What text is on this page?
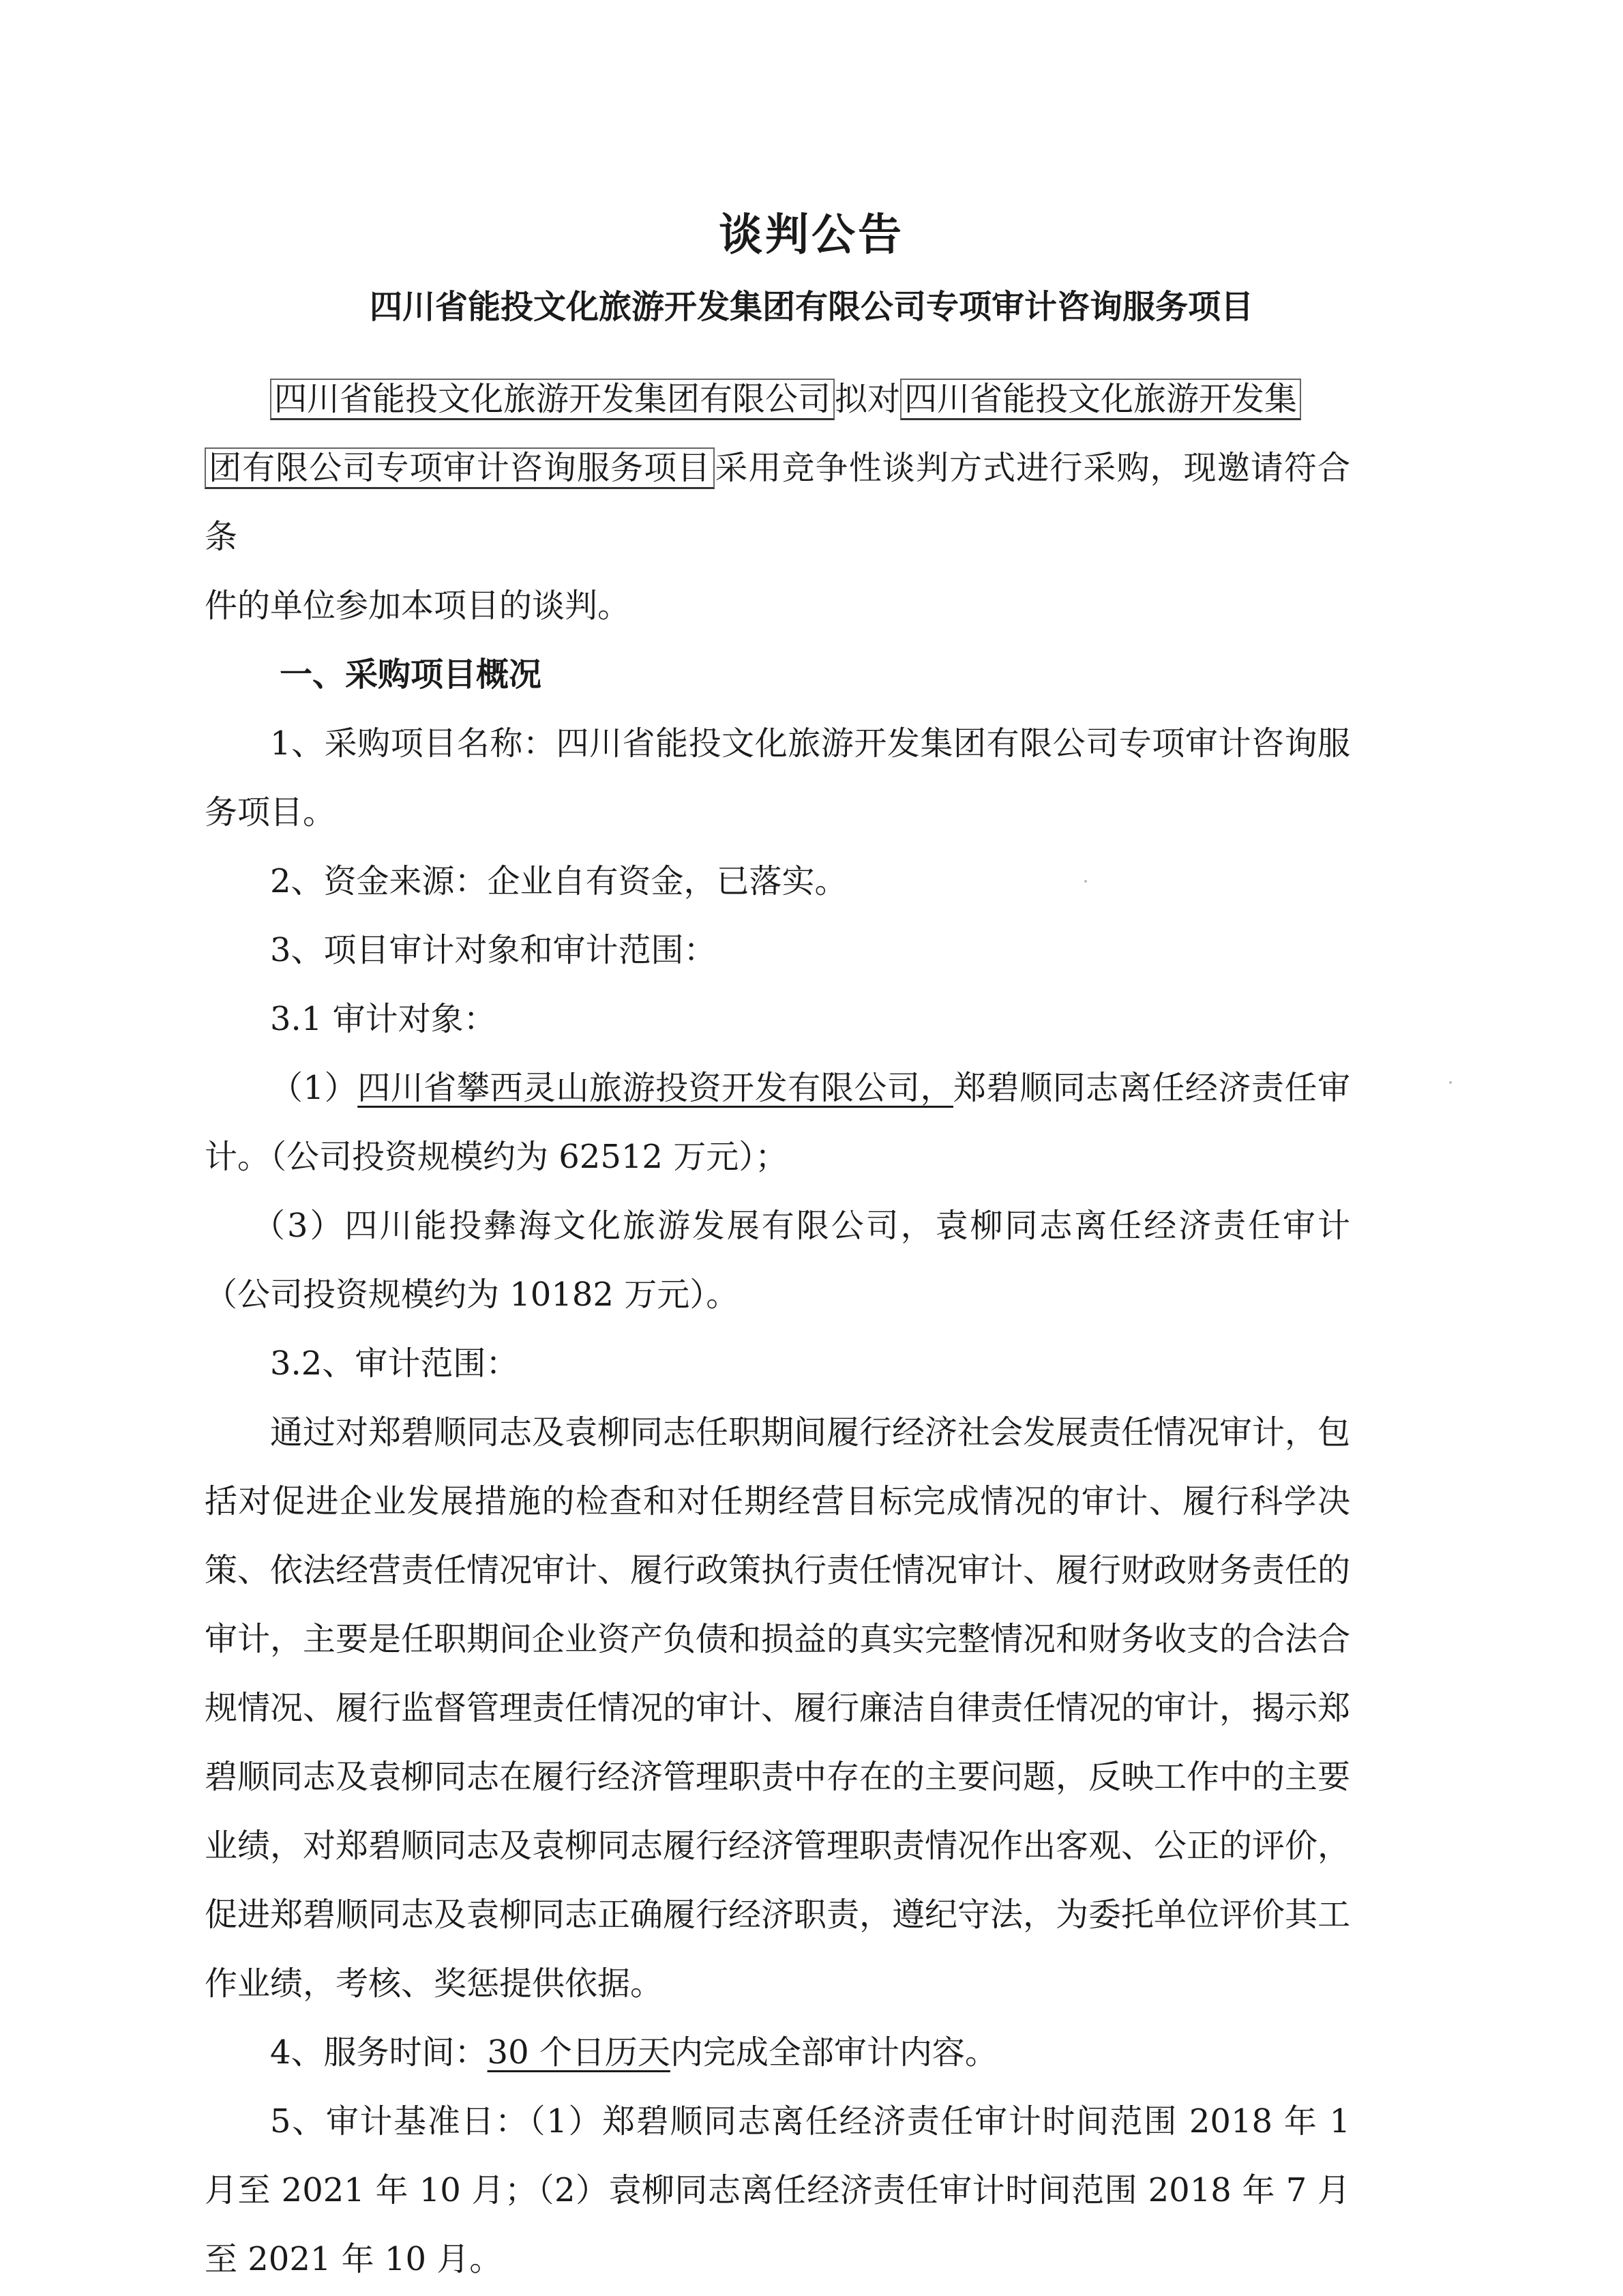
谈判公告
四川省能投文化旅游开发集团有限公司专项审计咨询服务项目

四川省能投文化旅游开发集团有限公司 拟对 四川省能投文化旅游开发集
团有限公司专项审计咨询服务项目 采用竞争性谈判方式进行采购，现邀请符合条
件的单位参加本项目的谈判。

一、采购项目概况

1、采购项目名称：四川省能投文化旅游开发集团有限公司专项审计咨询服务项目。

2、资金来源：企业自有资金，已落实。

3、项目审计对象和审计范围：

3.1 审计对象：

（1）四川省攀西灵山旅游投资开发有限公司，郑碧顺同志离任经济责任审计。（公司投资规模约为 62512 万元）；

（3）四川能投彝海文化旅游发展有限公司，袁柳同志离任经济责任审计（公司投资规模约为 10182 万元）。

3.2、审计范围：

通过对郑碧顺同志及袁柳同志任职期间履行经济社会发展责任情况审计，包括对促进企业发展措施的检查和对任期经营目标完成情况的审计、履行科学决策、依法经营责任情况审计、履行政策执行责任情况审计、履行财政财务责任的审计，主要是任职期间企业资产负债和损益的真实完整情况和财务收支的合法合规情况、履行监督管理责任情况的审计、履行廉洁自律责任情况的审计，揭示郑碧顺同志及袁柳同志在履行经济管理职责中存在的主要问题，反映工作中的主要业绩，对郑碧顺同志及袁柳同志履行经济管理职责情况作出客观、公正的评价，促进郑碧顺同志及袁柳同志正确履行经济职责，遵纪守法，为委托单位评价其工作业绩，考核、奖惩提供依据。

4、服务时间：30 个日历天内完成全部审计内容。

5、审计基准日：（1）郑碧顺同志离任经济责任审计时间范围 2018 年 1 月至 2021 年 10 月；（2）袁柳同志离任经济责任审计时间范围 2018 年 7 月至 2021 年 10 月。
